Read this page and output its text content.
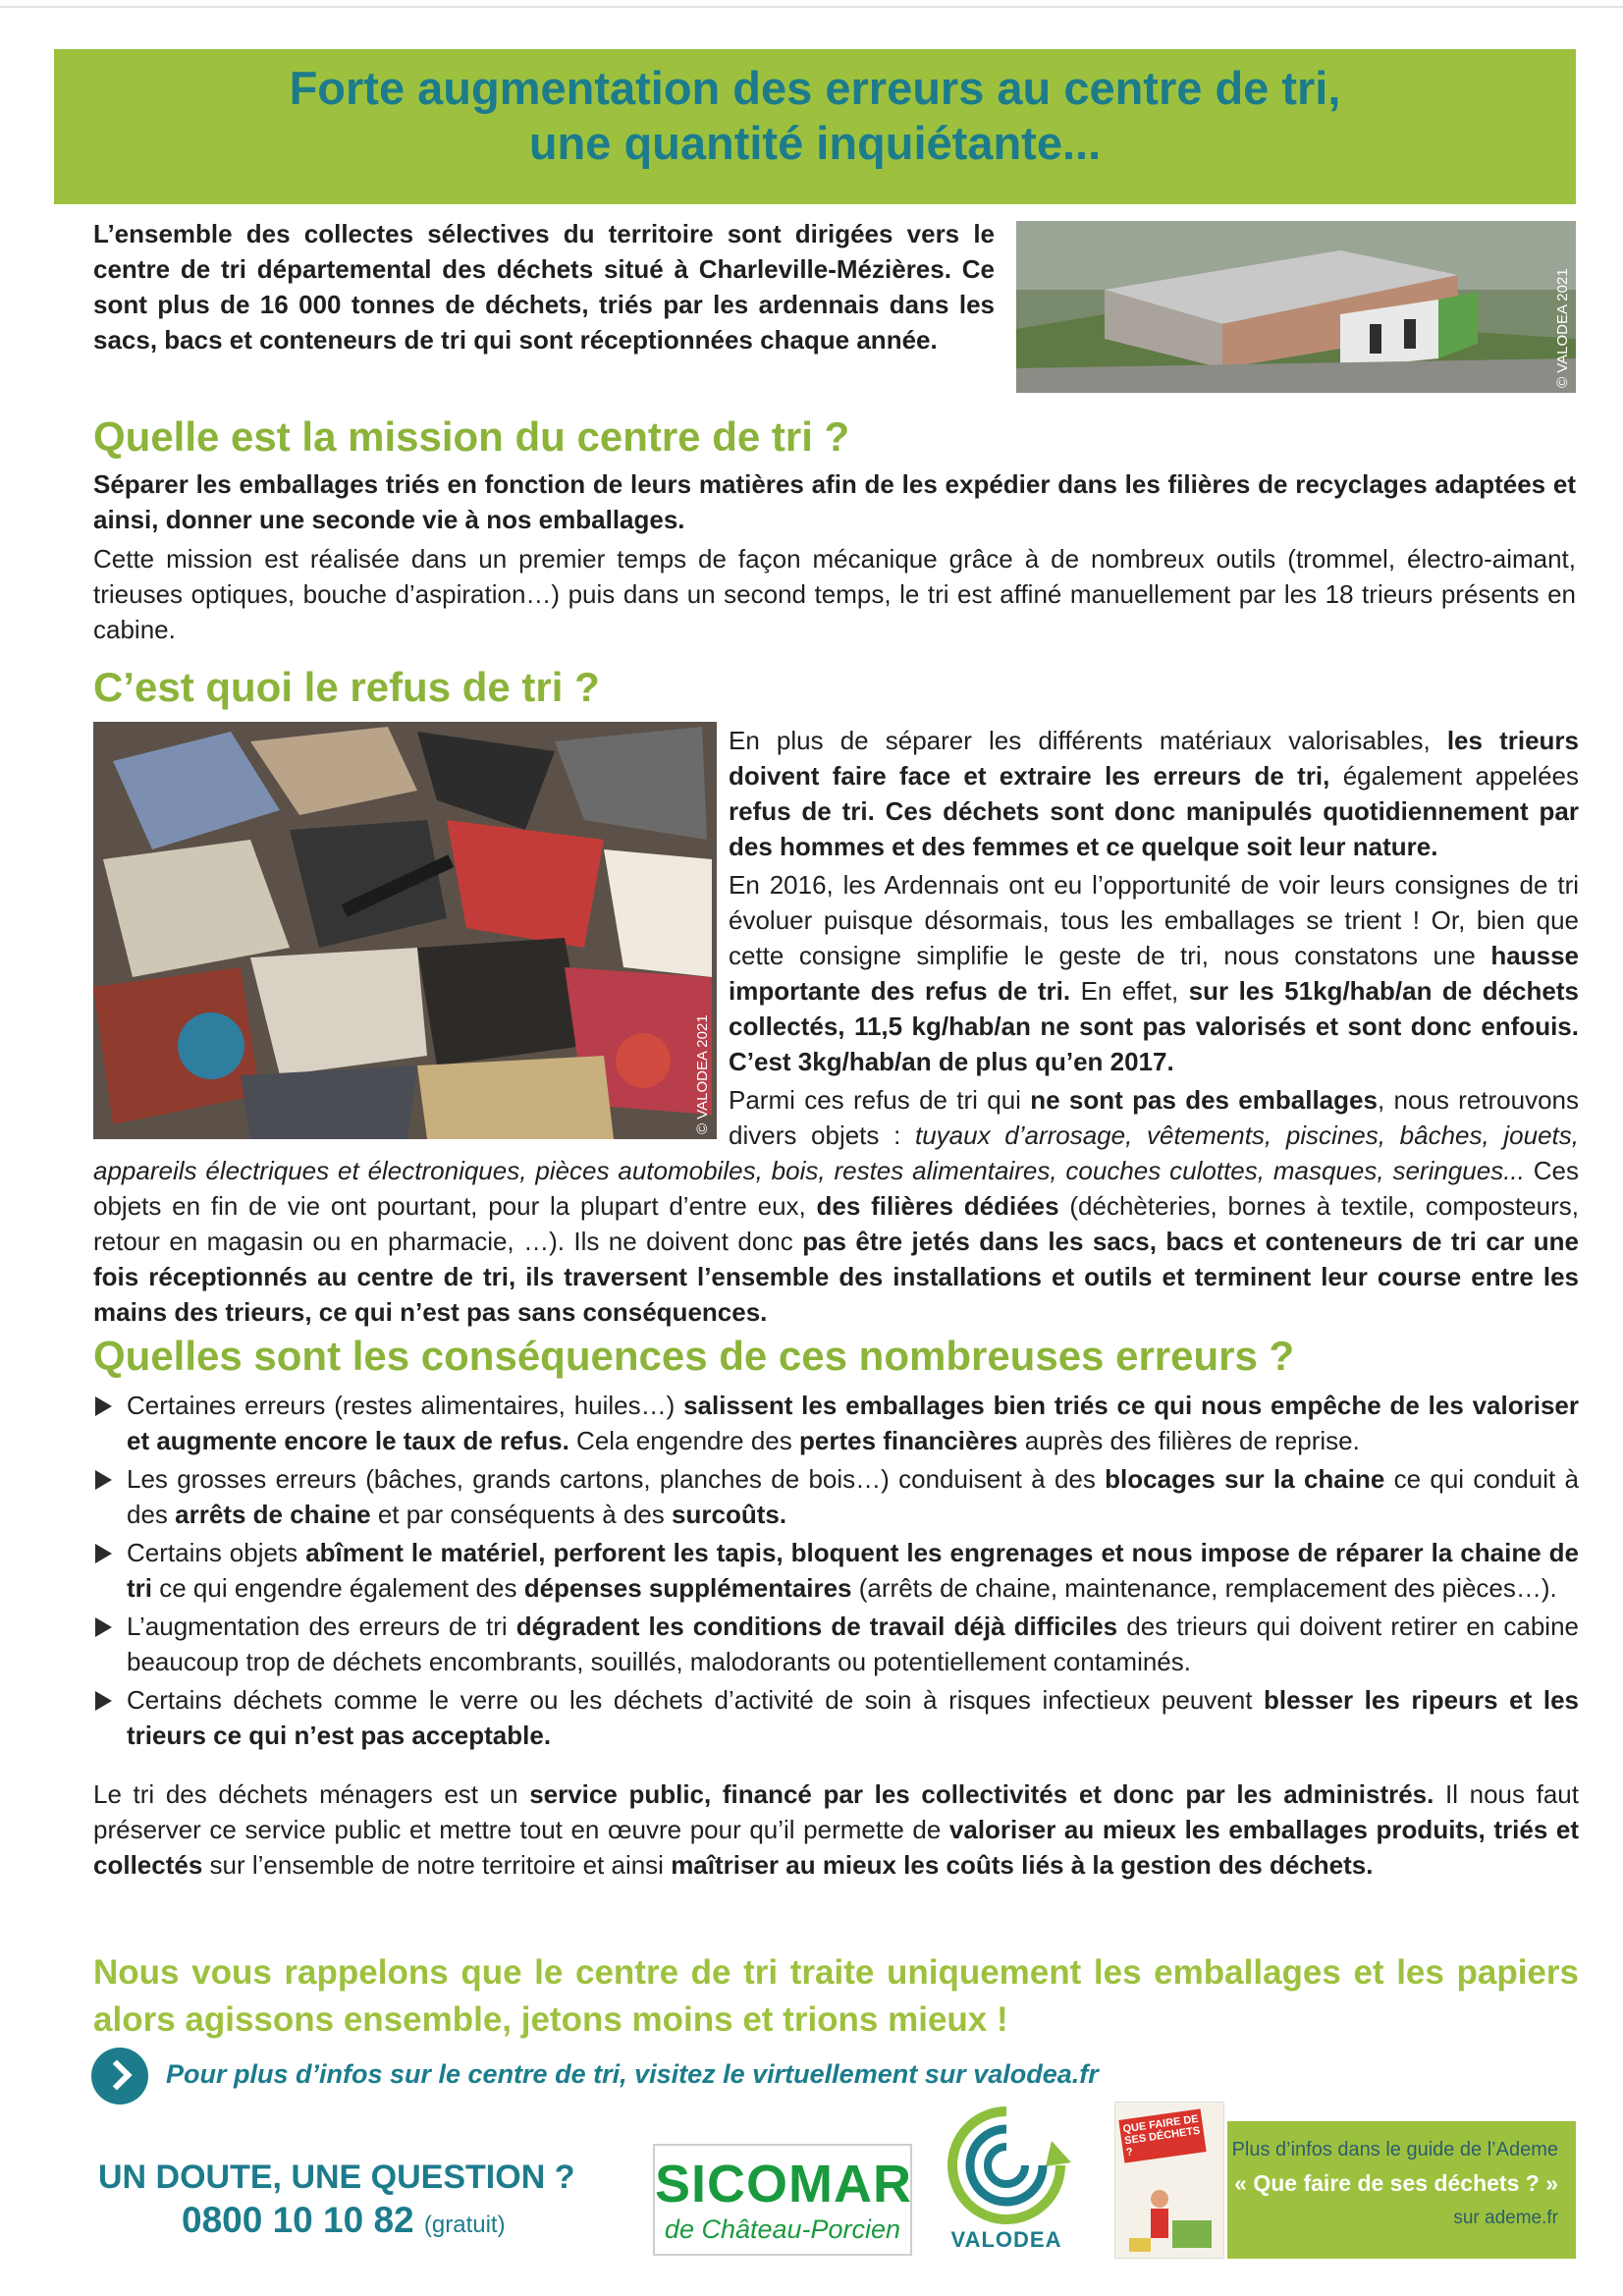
Forte augmentation des erreurs au centre de tri,
une quantité inquiétante...

L’ensemble des collectes sélectives du territoire sont dirigées vers le centre de tri départemental des déchets situé à Charleville-Mézières. Ce sont plus de 16 000 tonnes de déchets, triés par les ardennais dans les sacs, bacs et conteneurs de tri qui sont réceptionnées chaque année.	© VALODEA 2021
Quelle est la mission du centre de tri ?

Séparer les emballages triés en fonction de leurs matières afin de les expédier dans les filières de recyclages adaptées et ainsi, donner une seconde vie à nos emballages.

Cette mission est réalisée dans un premier temps de façon mécanique grâce à de nombreux outils (trommel, électro-aimant, trieuses optiques, bouche d’aspiration…) puis dans un second temps, le tri est affiné manuellement par les 18 trieurs présents en cabine.

C’est quoi le refus de tri ?
© VALODEA 2021

En plus de séparer les différents matériaux valorisables, les trieurs doivent faire face et extraire les erreurs de tri, également appelées refus de tri. Ces déchets sont donc manipulés quotidiennement par des hommes et des femmes et ce quelque soit leur nature.

En 2016, les Ardennais ont eu l’opportunité de voir leurs consignes de tri évoluer puisque désormais, tous les emballages se trient ! Or, bien que cette consigne simplifie le geste de tri, nous constatons une hausse importante des refus de tri. En effet, sur les 51kg/hab/an de déchets collectés, 11,5 kg/hab/an ne sont pas valorisés et sont donc enfouis. C’est 3kg/hab/an de plus qu’en 2017.

Parmi ces refus de tri qui ne sont pas des emballages, nous retrouvons divers objets : tuyaux d’arrosage, vêtements, piscines, bâches, jouets, appareils électriques et électroniques, pièces automobiles, bois, restes alimentaires, couches culottes, masques, seringues... Ces objets en fin de vie ont pourtant, pour la plupart d’entre eux, des filières dédiées (déchèteries, bornes à textile, composteurs, retour en magasin ou en pharmacie, …). Ils ne doivent donc pas être jetés dans les sacs, bacs et conteneurs de tri car une fois réceptionnés au centre de tri, ils traversent l’ensemble des installations et outils et terminent leur course entre les mains des trieurs, ce qui n’est pas sans conséquences.

Quelles sont les conséquences de ces nombreuses erreurs ?
Certaines erreurs (restes alimentaires, huiles…) salissent les emballages bien triés ce qui nous empêche de les valoriser et augmente encore le taux de refus. Cela engendre des pertes financières auprès des filières de reprise.
Les grosses erreurs (bâches, grands cartons, planches de bois…) conduisent à des blocages sur la chaine ce qui conduit à des arrêts de chaine et par conséquents à des surcoûts.
Certains objets abîment le matériel, perforent les tapis, bloquent les engrenages et nous impose de réparer la chaine de tri ce qui engendre également des dépenses supplémentaires (arrêts de chaine, maintenance, remplacement des pièces…).
L’augmentation des erreurs de tri dégradent les conditions de travail déjà difficiles des trieurs qui doivent retirer en cabine beaucoup trop de déchets encombrants, souillés, malodorants ou potentiellement contaminés.
Certains déchets comme le verre ou les déchets d’activité de soin à risques infectieux peuvent blesser les ripeurs et les trieurs ce qui n’est pas acceptable.

Le tri des déchets ménagers est un service public, financé par les collectivités et donc par les administrés. Il nous faut préserver ce service public et mettre tout en œuvre pour qu’il permette de valoriser au mieux les emballages produits, triés et collectés sur l’ensemble de notre territoire et ainsi maîtriser au mieux les coûts liés à la gestion des déchets.

Nous vous rappelons que le centre de tri traite uniquement les emballages et les papiers alors agissons ensemble, jetons moins et trions mieux !

Pour plus d’infos sur le centre de tri, visitez le virtuellement sur valodea.fr
UN DOUTE, UNE QUESTION ?
0800 10 10 82 (gratuit)
SICOMAR
de Château-Porcien	VALODEA
QUE FAIRE DE SES DÉCHETS ?	Plus d’infos dans le guide de l’Ademe
« Que faire de ses déchets ? »
sur ademe.fr
